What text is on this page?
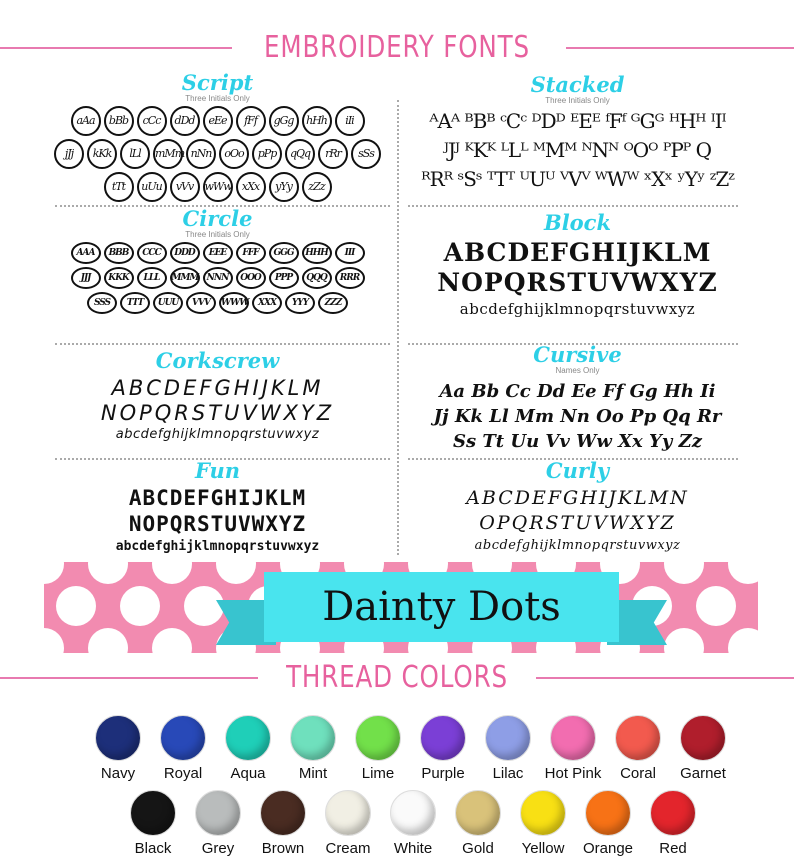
EMBROIDERY FONTS
Script
Three Initials Only
aAa	bBb	cCc	dDd	eEe	fFf	gGg	hHh	iIi
jJj	kKk	lLl	mMm nNn	oOo	pPp	qQq	rRr	sSs
tTt	uUu	vVv	wWw xXx	yYy	zZz
Stacked
Three Initials Only
ᴬAᴬ ᴮBᴮ ᶜCᶜ ᴰDᴰ ᴱEᴱ ᶠFᶠ ᴳGᴳ ᴴHᴴ ᴵIᴵ
ᴶJᴶ ᴷKᴷ ᴸLᴸ ᴹMᴹ ᴺNᴺ ᴼOᴼ ᴾPᴾ Q
ᴿRᴿ ˢSˢ ᵀTᵀ ᵁUᵁ ⱽVⱽ ᵂWᵂ ˣXˣ ʸYʸ ᶻZᶻ
Circle
Three Initials Only
AAA	BBB	CCC	DDD	EEE	FFF	GGG	HHH	III
JJJ	KKK	LLL	MMM NNN	OOO	PPP	QQQ	RRR
SSS	TTT	UUU	VVV	WWW	XXX	YYY	ZZZ
Block
ABCDEFGHIJKLM
NOPQRSTUVWXYZ
abcdefghijklmnopqrstuvwxyz
Corkscrew
ABCDEFGHIJKLM
NOPQRSTUVWXYZ
abcdefghijklmnopqrstuvwxyz
Cursive
Names Only
Aa Bb Cc Dd Ee Ff Gg Hh Ii
Jj Kk Ll Mm Nn Oo Pp Qq Rr
Ss Tt Uu Vv Ww Xx Yy Zz
Fun
ABCDEFGHIJKLM
NOPQRSTUVWXYZ
abcdefghijklmnopqrstuvwxyz
Curly
ABCDEFGHIJKLMN
OPQRSTUVWXYZ
abcdefghijklmnopqrstuvwxyz
Dainty Dots
THREAD COLORS
Navy	Royal	Aqua	Mint	Lime	Purple	Lilac	Hot Pink	Coral	Garnet
Black	Grey	Brown	Cream	White	Gold	Yellow	Orange	Red
